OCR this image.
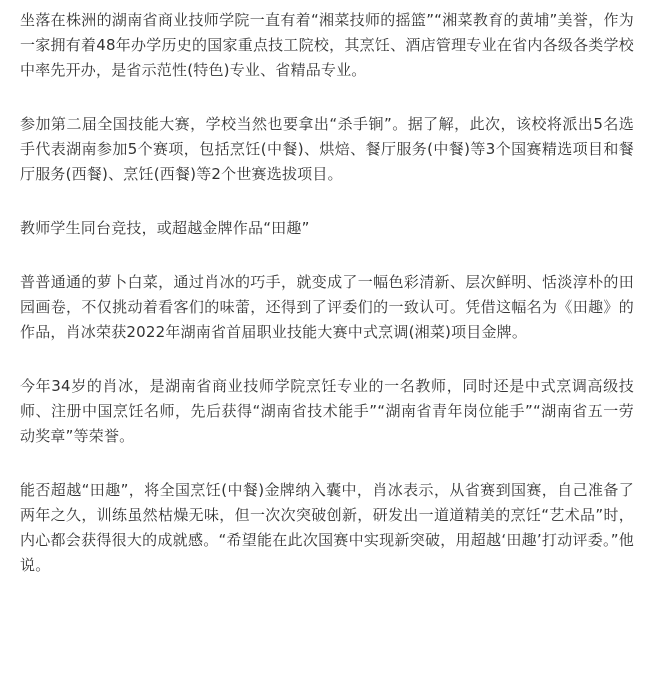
坐落在株洲的湖南省商业技师学院一直有着“湘菜技师的摇篮”“湘菜教育的黄埔”美誉，作为一家拥有着48年办学历史的国家重点技工院校，其烹饪、酒店管理专业在省内各级各类学校中率先开办，是省示范性(特色)专业、省精品专业。

参加第二届全国技能大赛，学校当然也要拿出“杀手锏”。据了解，此次，该校将派出5名选手代表湖南参加5个赛项，包括烹饪(中餐)、烘焙、餐厅服务(中餐)等3个国赛精选项目和餐厅服务(西餐)、烹饪(西餐)等2个世赛选拔项目。

教师学生同台竞技，或超越金牌作品“田趣”

普普通通的萝卜白菜，通过肖冰的巧手，就变成了一幅色彩清新、层次鲜明、恬淡淳朴的田园画卷，不仅挑动着看客们的味蕾，还得到了评委们的一致认可。凭借这幅名为《田趣》的作品，肖冰荣获2022年湖南省首届职业技能大赛中式烹调(湘菜)项目金牌。

今年34岁的肖冰，是湖南省商业技师学院烹饪专业的一名教师，同时还是中式烹调高级技师、注册中国烹饪名师，先后获得“湖南省技术能手”“湖南省青年岗位能手”“湖南省五一劳动奖章”等荣誉。

能否超越“田趣”，将全国烹饪(中餐)金牌纳入囊中，肖冰表示，从省赛到国赛，自己准备了两年之久，训练虽然枯燥无味，但一次次突破创新，研发出一道道精美的烹饪“艺术品”时，内心都会获得很大的成就感。“希望能在此次国赛中实现新突破，用超越‘田趣’打动评委。”他说。
